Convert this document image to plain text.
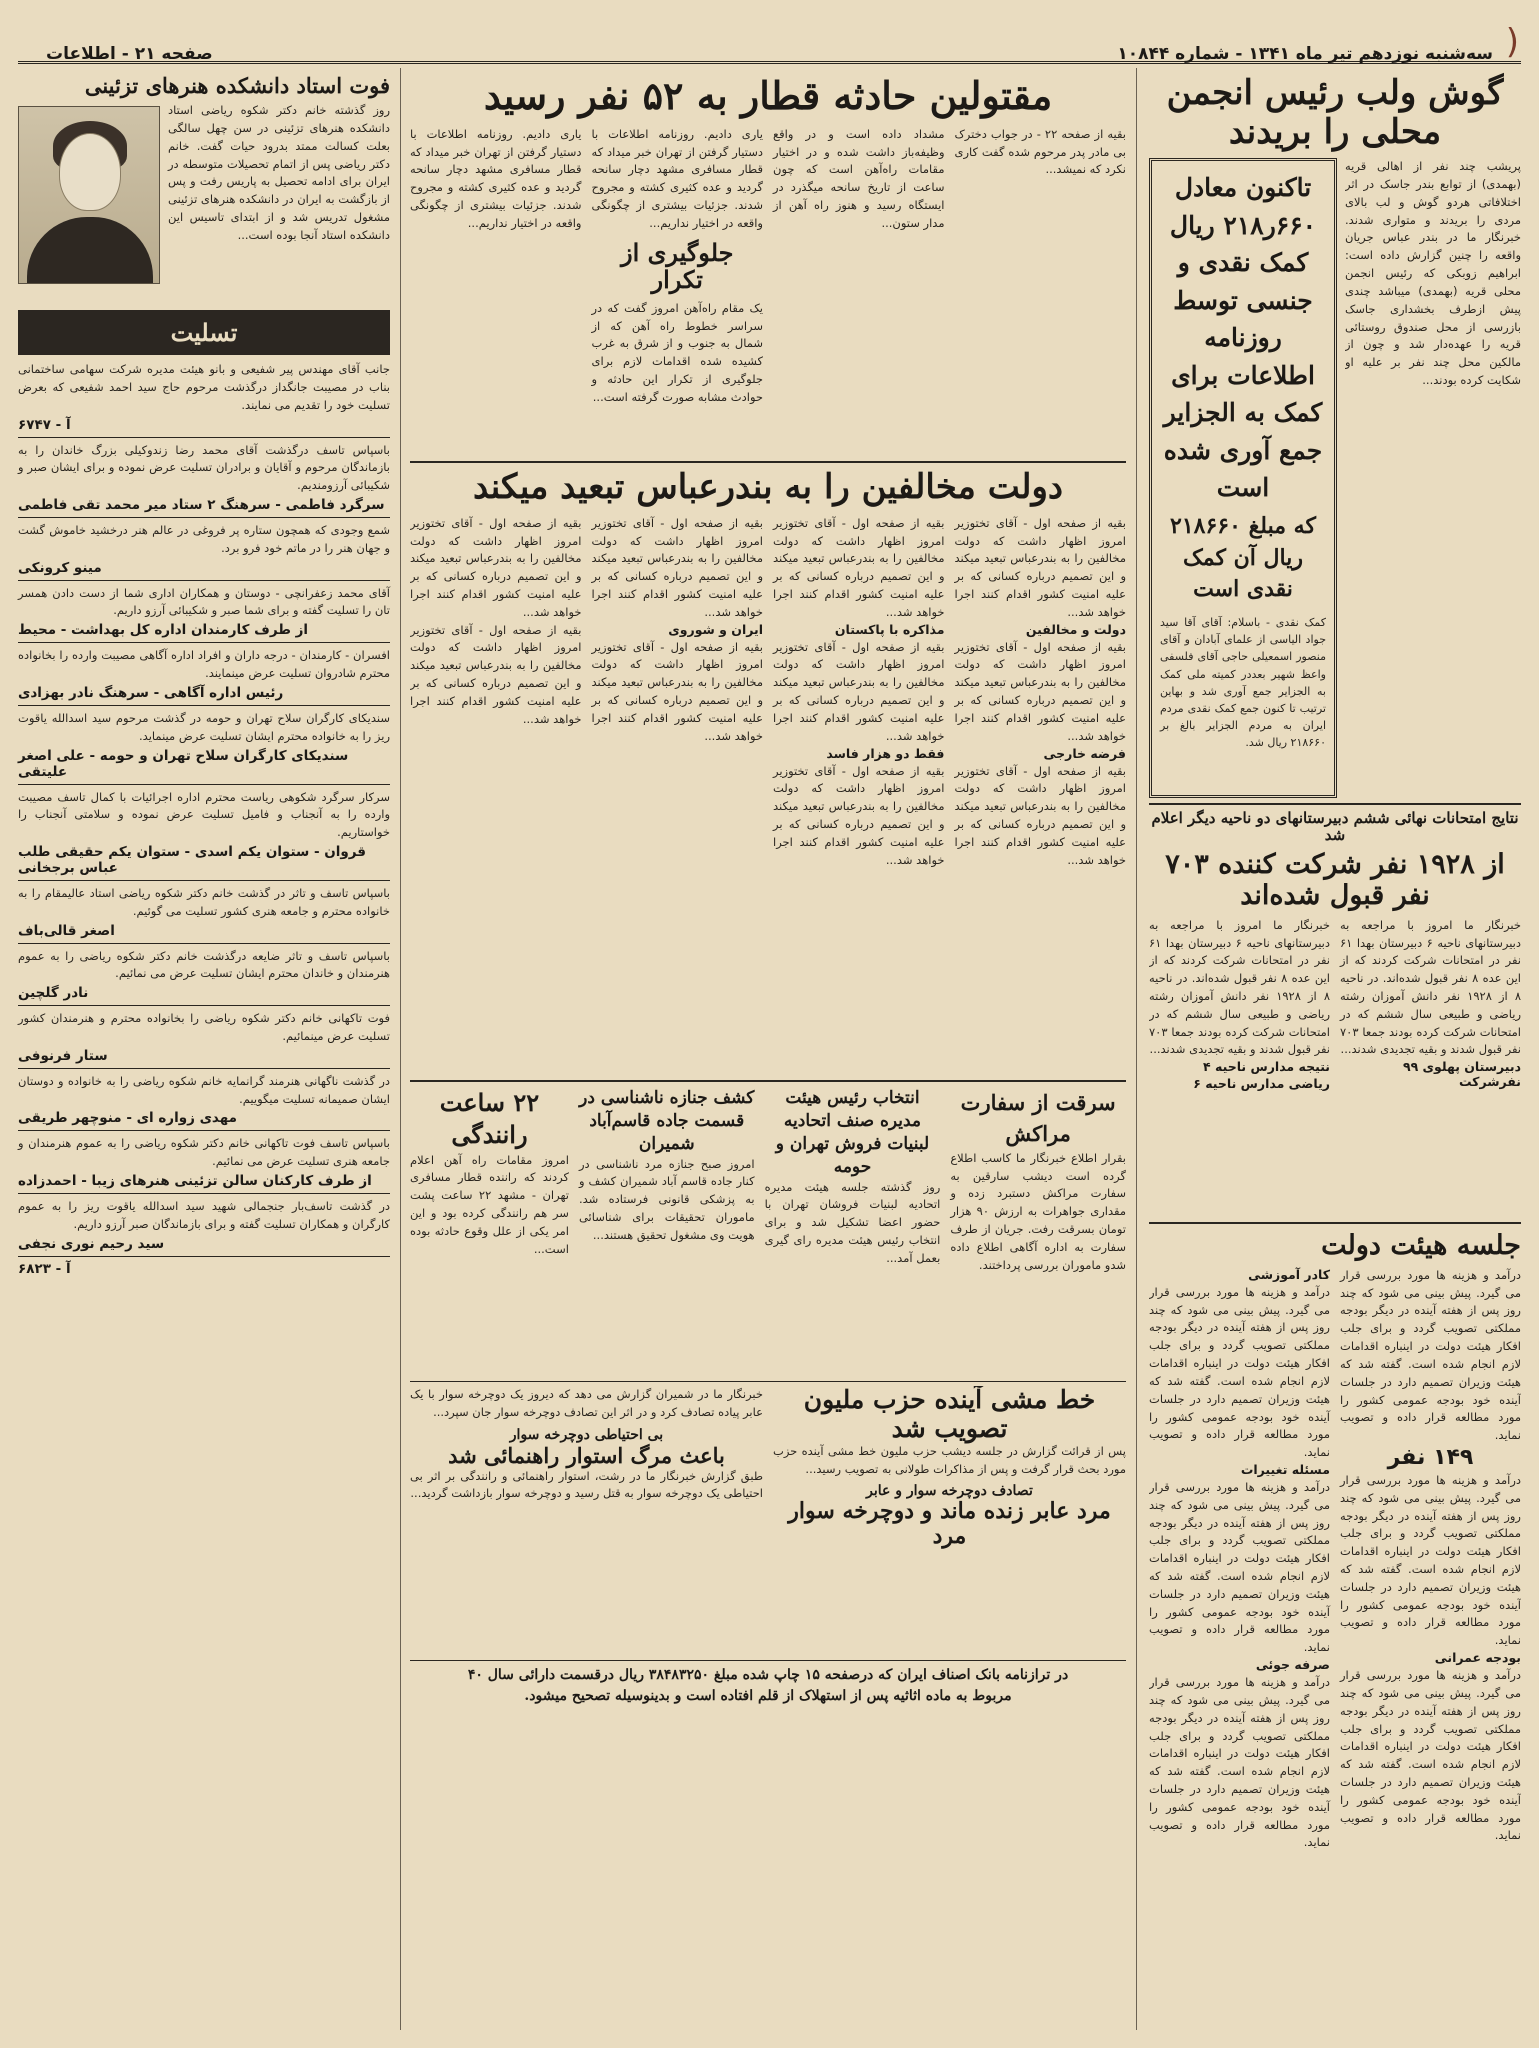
(
سه‌شنبه نوزدهم تیر ماه ۱۳۴۱ - شماره ۱۰۸۴۴
صفحه ۲۱ - اطلاعات
گوش ولب رئیس انجمن محلی را بریدند
پریشب چند نفر از اهالی قریه (بهمدی) از توابع بندر جاسک در اثر اختلافاتی هردو گوش و لب بالای مردی را بریدند و متواری شدند. خبرنگار ما در بندر عباس جریان واقعه را چنین گزارش داده است: ابراهیم زوبکی که رئیس انجمن محلی قریه (بهمدی) میباشد چندی پیش ازطرف بخشداری جاسک بازرسی از محل صندوق روستائی قریه را عهده‌دار شد و چون از مالکین محل چند نفر بر علیه او شکایت کرده بودند...
تاکنون معادل ۶۶۰ر۲۱۸ ریال کمک نقدی و جنسی توسط روزنامه اطلاعات برای کمک به الجزایر جمع آوری شده است
که مبلغ ۲۱۸۶۶۰ ریال آن کمک نقدی است
کمک نقدی - باسلام: آقای آقا سید جواد الیاسی از علمای آبادان و آقای منصور اسمعیلی حاجی آقای فلسفی واعظ شهیر بعددر کمیته ملی کمک به الجزایر جمع آوری شد و بهاین ترتیب تا کنون جمع کمک نقدی مردم ایران به مردم الجزایر بالغ بر ۲۱۸۶۶۰ ریال شد.
نتایج امتحانات نهائی ششم دبیرستانهای دو ناحیه دیگر اعلام شد
از ۱۹۲۸ نفر شرکت کننده ۷۰۳ نفر قبول شده‌اند
خبرنگار ما امروز با مراجعه به دبیرستانهای ناحیه ۶ دبیرستان بهدا ۶۱ نفر در امتحانات شرکت کردند که از این عده ۸ نفر قبول شده‌اند. در ناحیه ۸ از ۱۹۲۸ نفر دانش آموزان رشته ریاضی و طبیعی سال ششم که در امتحانات شرکت کرده بودند جمعا ۷۰۳ نفر قبول شدند و بقیه تجدیدی شدند...
دبیرستان پهلوی ۹۹ نفرشرکت
خبرنگار ما امروز با مراجعه به دبیرستانهای ناحیه ۶ دبیرستان بهدا ۶۱ نفر در امتحانات شرکت کردند که از این عده ۸ نفر قبول شده‌اند. در ناحیه ۸ از ۱۹۲۸ نفر دانش آموزان رشته ریاضی و طبیعی سال ششم که در امتحانات شرکت کرده بودند جمعا ۷۰۳ نفر قبول شدند و بقیه تجدیدی شدند...
نتیجه مدارس ناحیه ۴
ریاضی مدارس ناحیه ۶
جلسه هیئت دولت
درآمد و هزینه ها مورد بررسی قرار می گیرد. پیش بینی می شود که چند روز پس از هفته آینده در دیگر بودجه مملکتی تصویب گردد و برای جلب افکار هیئت دولت در اینباره اقدامات لازم انجام شده است. گفته شد که هیئت وزیران تصمیم دارد در جلسات آینده خود بودجه عمومی کشور را مورد مطالعه قرار داده و تصویب نماید.
۱۴۹ نفر
درآمد و هزینه ها مورد بررسی قرار می گیرد. پیش بینی می شود که چند روز پس از هفته آینده در دیگر بودجه مملکتی تصویب گردد و برای جلب افکار هیئت دولت در اینباره اقدامات لازم انجام شده است. گفته شد که هیئت وزیران تصمیم دارد در جلسات آینده خود بودجه عمومی کشور را مورد مطالعه قرار داده و تصویب نماید.
بودجه عمرانی
درآمد و هزینه ها مورد بررسی قرار می گیرد. پیش بینی می شود که چند روز پس از هفته آینده در دیگر بودجه مملکتی تصویب گردد و برای جلب افکار هیئت دولت در اینباره اقدامات لازم انجام شده است. گفته شد که هیئت وزیران تصمیم دارد در جلسات آینده خود بودجه عمومی کشور را مورد مطالعه قرار داده و تصویب نماید.
کادر آموزشی
درآمد و هزینه ها مورد بررسی قرار می گیرد. پیش بینی می شود که چند روز پس از هفته آینده در دیگر بودجه مملکتی تصویب گردد و برای جلب افکار هیئت دولت در اینباره اقدامات لازم انجام شده است. گفته شد که هیئت وزیران تصمیم دارد در جلسات آینده خود بودجه عمومی کشور را مورد مطالعه قرار داده و تصویب نماید.
مسئله تغییرات
درآمد و هزینه ها مورد بررسی قرار می گیرد. پیش بینی می شود که چند روز پس از هفته آینده در دیگر بودجه مملکتی تصویب گردد و برای جلب افکار هیئت دولت در اینباره اقدامات لازم انجام شده است. گفته شد که هیئت وزیران تصمیم دارد در جلسات آینده خود بودجه عمومی کشور را مورد مطالعه قرار داده و تصویب نماید.
صرفه جوئی
درآمد و هزینه ها مورد بررسی قرار می گیرد. پیش بینی می شود که چند روز پس از هفته آینده در دیگر بودجه مملکتی تصویب گردد و برای جلب افکار هیئت دولت در اینباره اقدامات لازم انجام شده است. گفته شد که هیئت وزیران تصمیم دارد در جلسات آینده خود بودجه عمومی کشور را مورد مطالعه قرار داده و تصویب نماید.
مقتولین حادثه قطار به ۵۲ نفر رسید
بقیه از صفحه ۲۲ - در جواب دخترک بی مادر پدر مرحوم شده گفت کاری نکرد که نمیشد...
مشداد داده است و در واقع وظیفه‌باز داشت شده و در اختیار مقامات راه‌آهن است که چون ساعت از تاریخ سانحه میگذرد در ایستگاه رسید و هنوز راه آهن از مدار ستون...
یاری دادیم. روزنامه اطلاعات با دستیار گرفتن از تهران خبر میداد که قطار مسافری مشهد دچار سانحه گردید و عده کثیری کشته و مجروح شدند. جزئیات بیشتری از چگونگی واقعه در اختیار نداریم...
جلوگیری از تکرار
یک مقام راه‌آهن امروز گفت که در سراسر خطوط راه آهن که از شمال به جنوب و از شرق به غرب کشیده شده اقدامات لازم برای جلوگیری از تکرار این حادثه و حوادث مشابه صورت گرفته است...
یاری دادیم. روزنامه اطلاعات با دستیار گرفتن از تهران خبر میداد که قطار مسافری مشهد دچار سانحه گردید و عده کثیری کشته و مجروح شدند. جزئیات بیشتری از چگونگی واقعه در اختیار نداریم...
دولت مخالفین را به بندرعباس تبعید میکند
بقیه از صفحه اول - آقای تختوزیر امروز اظهار داشت که دولت مخالفین را به بندرعباس تبعید میکند و این تصمیم درباره کسانی که بر علیه امنیت کشور اقدام کنند اجرا خواهد شد...
دولت و مخالفین
بقیه از صفحه اول - آقای تختوزیر امروز اظهار داشت که دولت مخالفین را به بندرعباس تبعید میکند و این تصمیم درباره کسانی که بر علیه امنیت کشور اقدام کنند اجرا خواهد شد...
فرضه خارجی
بقیه از صفحه اول - آقای تختوزیر امروز اظهار داشت که دولت مخالفین را به بندرعباس تبعید میکند و این تصمیم درباره کسانی که بر علیه امنیت کشور اقدام کنند اجرا خواهد شد...
بقیه از صفحه اول - آقای تختوزیر امروز اظهار داشت که دولت مخالفین را به بندرعباس تبعید میکند و این تصمیم درباره کسانی که بر علیه امنیت کشور اقدام کنند اجرا خواهد شد...
مذاکره با پاکستان
بقیه از صفحه اول - آقای تختوزیر امروز اظهار داشت که دولت مخالفین را به بندرعباس تبعید میکند و این تصمیم درباره کسانی که بر علیه امنیت کشور اقدام کنند اجرا خواهد شد...
فقط دو هزار فاسد
بقیه از صفحه اول - آقای تختوزیر امروز اظهار داشت که دولت مخالفین را به بندرعباس تبعید میکند و این تصمیم درباره کسانی که بر علیه امنیت کشور اقدام کنند اجرا خواهد شد...
بقیه از صفحه اول - آقای تختوزیر امروز اظهار داشت که دولت مخالفین را به بندرعباس تبعید میکند و این تصمیم درباره کسانی که بر علیه امنیت کشور اقدام کنند اجرا خواهد شد...
ایران و شوروی
بقیه از صفحه اول - آقای تختوزیر امروز اظهار داشت که دولت مخالفین را به بندرعباس تبعید میکند و این تصمیم درباره کسانی که بر علیه امنیت کشور اقدام کنند اجرا خواهد شد...
بقیه از صفحه اول - آقای تختوزیر امروز اظهار داشت که دولت مخالفین را به بندرعباس تبعید میکند و این تصمیم درباره کسانی که بر علیه امنیت کشور اقدام کنند اجرا خواهد شد...
بقیه از صفحه اول - آقای تختوزیر امروز اظهار داشت که دولت مخالفین را به بندرعباس تبعید میکند و این تصمیم درباره کسانی که بر علیه امنیت کشور اقدام کنند اجرا خواهد شد...
سرقت از سفارت مراکش
بقرار اطلاع خبرنگار ما کاسب اطلاع گرده است دیشب سارقین به سفارت مراکش دستبرد زده و مقداری جواهرات به ارزش ۹۰ هزار تومان بسرقت رفت. جریان از طرف سفارت به اداره آگاهی اطلاع داده شدو ماموران بررسی پرداختند.
انتخاب رئیس هیئت مدیره صنف اتحادیه لبنیات فروش تهران و حومه
روز گذشته جلسه هیئت مدیره اتحادیه لبنیات فروشان تهران با حضور اعضا تشکیل شد و برای انتخاب رئیس هیئت مدیره رای گیری بعمل آمد...
کشف جنازه ناشناسی در قسمت جاده قاسم‌آباد شمیران
امروز صبح جنازه مرد ناشناسی در کنار جاده قاسم آباد شمیران کشف و به پزشکی قانونی فرستاده شد. ماموران تحقیقات برای شناسائی هویت وی مشغول تحقیق هستند...
۲۲ ساعت رانندگی
امروز مقامات راه آهن اعلام کردند که راننده قطار مسافری تهران - مشهد ۲۲ ساعت پشت سر هم رانندگی کرده بود و این امر یکی از علل وقوع حادثه بوده است...
خط مشی آینده حزب ملیون تصویب شد
پس از قرائت گزارش در جلسه دیشب حزب ملیون خط مشی آینده حزب مورد بحث قرار گرفت و پس از مذاکرات طولانی به تصویب رسید...
تصادف دوچرخه سوار و عابر
مرد عابر زنده ماند و دوچرخه سوار مرد
خبرنگار ما در شمیران گزارش می دهد که دیروز یک دوچرخه سوار با یک عابر پیاده تصادف کرد و در اثر این تصادف دوچرخه سوار جان سپرد...
بی احتیاطی دوچرخه سوار
باعث مرگ استوار راهنمائی شد
طبق گزارش خبرنگار ما در رشت، استوار راهنمائی و رانندگی بر اثر بی احتیاطی یک دوچرخه سوار به قتل رسید و دوچرخه سوار بازداشت گردید...
در ترازنامه بانک اصناف ایران که درصفحه ۱۵ چاپ شده مبلغ ۳۸۴۸۳۲۵۰ ریال درقسمت دارائی سال ۴۰ مربوط به ماده اثاثیه پس از استهلاک از قلم افتاده است و بدینوسیله تصحیح میشود.
فوت استاد دانشکده هنرهای تزئینی
روز گذشته خانم دکتر شکوه ریاضی استاد دانشکده هنرهای تزئینی در سن چهل سالگی بعلت کسالت ممتد بدرود حیات گفت. خانم دکتر ریاضی پس از اتمام تحصیلات متوسطه در ایران برای ادامه تحصیل به پاریس رفت و پس از بازگشت به ایران در دانشکده هنرهای تزئینی مشغول تدریس شد و از ابتدای تاسیس این دانشکده استاد آنجا بوده است...
تسلیت
جانب آقای مهندس پیر شفیعی و بانو هیئت مدیره شرکت سهامی ساختمانی بناب در مصیبت جانگداز درگذشت مرحوم حاج سید احمد شفیعی که بعرض تسلیت خود را تقدیم می نمایند.
آ - ۶۷۴۷
باسپاس تاسف درگذشت آقای محمد رضا زندوکیلی بزرگ خاندان را به بازماندگان مرحوم و آقایان و برادران تسلیت عرض نموده و برای ایشان صبر و شکیبائی آرزومندیم.
سرگرد فاطمی - سرهنگ ۲ ستاد میر محمد تقی فاطمی
شمع وجودی که همچون ستاره پر فروغی در عالم هنر درخشید خاموش گشت و جهان هنر را در ماتم خود فرو برد.
مینو کرونکی
آقای محمد زعفرانچی - دوستان و همکاران اداری شما از دست دادن همسر تان را تسلیت گفته و برای شما صبر و شکیبائی آرزو داریم.
از طرف کارمندان اداره کل بهداشت - محیط
افسران - کارمندان - درجه داران و افراد اداره آگاهی مصیبت وارده را بخانواده محترم شادروان تسلیت عرض مینمایند.
رئیس اداره آگاهی - سرهنگ نادر بهزادی
سندیکای کارگران سلاح تهران و حومه در گذشت مرحوم سید اسدالله یاقوت ریز را به خانواده محترم ایشان تسلیت عرض مینماید.
سندیکای کارگران سلاح تهران و حومه - علی اصغر علیتقی
سرکار سرگرد شکوهی ریاست محترم اداره اجرائیات با کمال تاسف مصیبت وارده را به آنجناب و فامیل تسلیت عرض نموده و سلامتی آنجناب را خواستاریم.
قروان - ستوان یکم اسدی - ستوان یکم حقیقی طلب عباس برجخانی
باسپاس تاسف و تاثر در گذشت خانم دکتر شکوه ریاضی استاد عالیمقام را به خانواده محترم و جامعه هنری کشور تسلیت می گوئیم.
اصغر قالی‌باف
باسپاس تاسف و تاثر ضایعه درگذشت خانم دکتر شکوه ریاضی را به عموم هنرمندان و خاندان محترم ایشان تسلیت عرض می نمائیم.
نادر گلچین
فوت تاکهانی خانم دکتر شکوه ریاضی را بخانواده محترم و هنرمندان کشور تسلیت عرض مینمائیم.
ستار فرنوفی
در گذشت ناگهانی هنرمند گرانمایه خانم شکوه ریاضی را به خانواده و دوستان ایشان صمیمانه تسلیت میگوییم.
مهدی زواره ای - منوچهر طریقی
باسپاس تاسف فوت تاکهانی خانم دکتر شکوه ریاضی را به عموم هنرمندان و جامعه هنری تسلیت عرض می نمائیم.
از طرف کارکنان سالن تزئینی هنرهای زیبا - احمدزاده
در گذشت تاسف‌بار جنجمالی شهید سید اسدالله یاقوت ریز را به عموم کارگران و همکاران تسلیت گفته و برای بازماندگان صبر آرزو داریم.
سید رحیم نوری نجفی
آ - ۶۸۲۳
